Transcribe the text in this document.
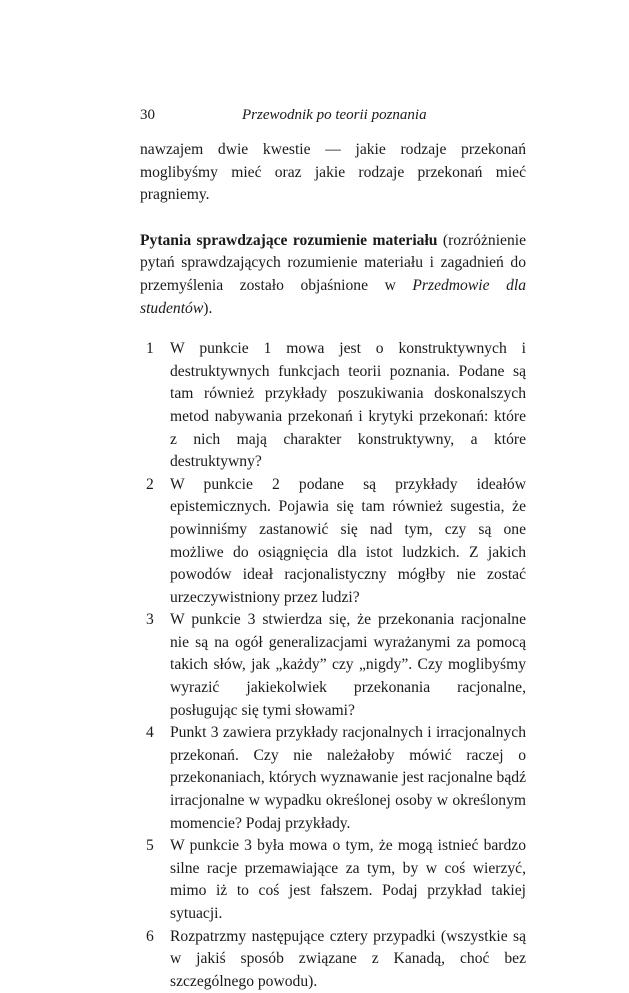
30	Przewodnik po teorii poznania

nawzajem dwie kwestie — jakie rodzaje przekonań moglibyśmy mieć oraz jakie rodzaje przekonań mieć pragniemy.

Pytania sprawdzające rozumienie materiału (rozróżnienie pytań sprawdzających rozumienie materiału i zagadnień do przemyślenia zostało objaśnione w Przedmowie dla studentów).

1 W punkcie 1 mowa jest o konstruktywnych i destruktywnych funkcjach teorii poznania. Podane są tam również przykłady poszukiwania doskonalszych metod nabywania przekonań i krytyki przekonań: które z nich mają charakter konstruktywny, a które destruktywny?
2 W punkcie 2 podane są przykłady ideałów epistemicznych. Pojawia się tam również sugestia, że powinniśmy zastanowić się nad tym, czy są one możliwe do osiągnięcia dla istot ludzkich. Z jakich powodów ideał racjonalistyczny mógłby nie zostać urzeczywistniony przez ludzi?
3 W punkcie 3 stwierdza się, że przekonania racjonalne nie są na ogół generalizacjami wyrażanymi za pomocą takich słów, jak „każdy” czy „nigdy”. Czy moglibyśmy wyrazić jakiekolwiek przekonania racjonalne, posługując się tymi słowami?
4 Punkt 3 zawiera przykłady racjonalnych i irracjonalnych przekonań. Czy nie należałoby mówić raczej o przekonaniach, których wyznawanie jest racjonalne bądź irracjonalne w wypadku określonej osoby w określonym momencie? Podaj przykłady.
5 W punkcie 3 była mowa o tym, że mogą istnieć bardzo silne racje przemawiające za tym, by w coś wierzyć, mimo iż to coś jest fałszem. Podaj przykład takiej sytuacji.
6 Rozpatrzmy następujące cztery przypadki (wszystkie są w jakiś sposób związane z Kanadą, choć bez szczególnego powodu).
